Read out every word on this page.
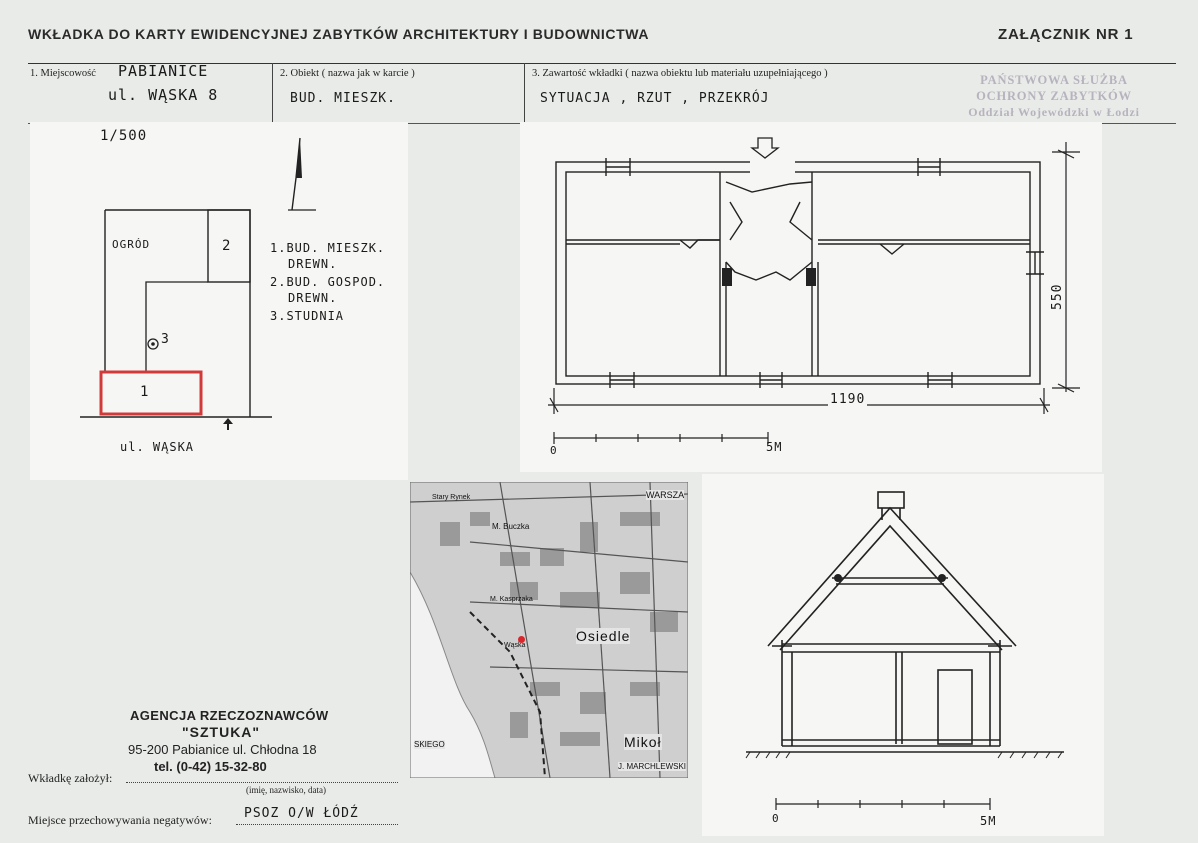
WKŁADKA DO KARTY EWIDENCYJNEJ ZABYTKÓW ARCHITEKTURY I BUDOWNICTWA	ZAŁĄCZNIK NR 1
1. Miejscowość PABIANICE
ul. WĄSKA 8
2. Obiekt ( nazwa jak w karcie )
BUD. MIESZK.
3. Zawartość wkładki ( nazwa obiektu lub materiału uzupełniającego )
SYTUACJA , RZUT , PRZEKRÓJ
PAŃSTWOWA SŁUŻBA
OCHRONY ZABYTKÓW
Oddział Wojewódzki w Łodzi
1/500
OGRÓD	2
1
3
ul. WĄSKA
1.BUD. MIESZK.
DREWN.
2.BUD. GOSPOD.
DREWN.
3.STUDNIA
1190
550
0	5M
Stary Rynek	WARSZA
M. Buczka
M. Kasprzaka
Osiedle
Mikoł
J. MARCHLEWSKI
SKIEGO
Wąska
0	5M
AGENCJA RZECZOZNAWCÓW
"SZTUKA"
95-200 Pabianice ul. Chłodna 18
tel. (0-42) 15-32-80
Wkładkę założył:
(imię, nazwisko, data)
Miejsce przechowywania negatywów: PSOZ O/W ŁÓDŹ
